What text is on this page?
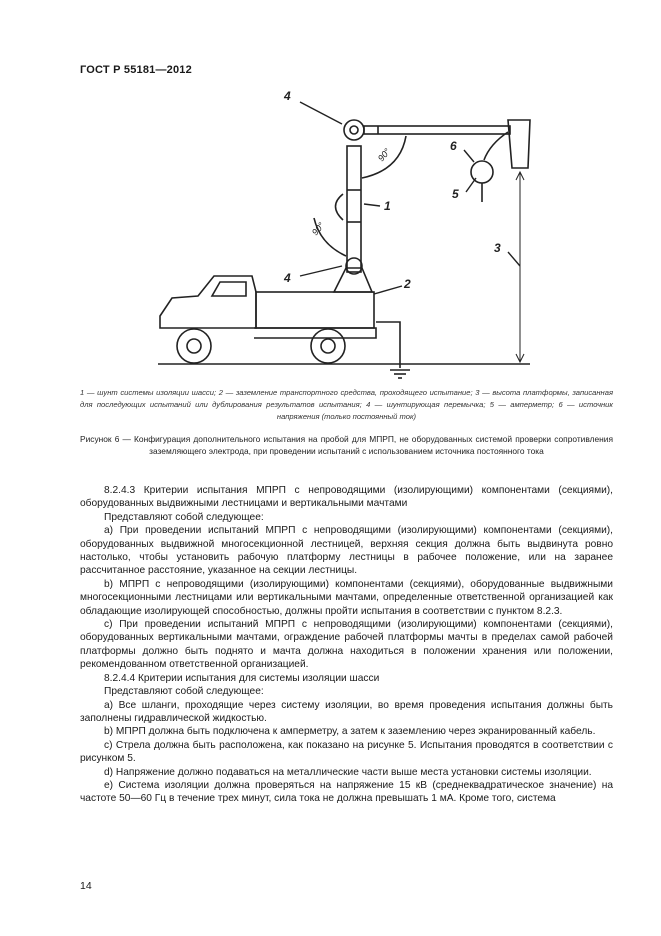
ГОСТ Р 55181—2012
4
6
1
5
3
4	2
90°
90°
1 — шунт системы изоляции шасси; 2 — заземление транспортного средства, проходящего испытание; 3 — высота платформы, записанная для последующих испытаний или дублирования результатов испытания; 4 — шунтирующая перемычка; 5 — амперметр; 6 — источник напряжения (только постоянный ток)
Рисунок 6 — Конфигурация дополнительного испытания на пробой для МПРП, не оборудованных системой проверки сопротивления заземляющего электрода, при проведении испытаний с использованием источника постоянного тока

8.2.4.3 Критерии испытания МПРП с непроводящими (изолирующими) компонентами (секциями), оборудованных выдвижными лестницами и вертикальными мачтами

Представляют собой следующее:

а) При проведении испытаний МПРП с непроводящими (изолирующими) компонентами (секциями), оборудованных выдвижной многосекционной лестницей, верхняя секция должна быть выдвинута ровно настолько, чтобы установить рабочую платформу лестницы в рабочее положение, или на заранее рассчитанное расстояние, указанное на секции лестницы.

b) МПРП с непроводящими (изолирующими) компонентами (секциями), оборудованные выдвижными многосекционными лестницами или вертикальными мачтами, определенные ответственной организацией как обладающие изолирующей способностью, должны пройти испытания в соответствии с пунктом 8.2.3.

c) При проведении испытаний МПРП с непроводящими (изолирующими) компонентами (секциями), оборудованных вертикальными мачтами, ограждение рабочей платформы мачты в пределах самой рабочей платформы должно быть поднято и мачта должна находиться в положении хранения или положении, рекомендованном ответственной организацией.

8.2.4.4 Критерии испытания для системы изоляции шасси

Представляют собой следующее:

а) Все шланги, проходящие через систему изоляции, во время проведения испытания должны быть заполнены гидравлической жидкостью.

b) МПРП должна быть подключена к амперметру, а затем к заземлению через экранированный кабель.

c) Стрела должна быть расположена, как показано на рисунке 5. Испытания проводятся в соответствии с рисунком 5.

d) Напряжение должно подаваться на металлические части выше места установки системы изоляции.

е) Система изоляции должна проверяться на напряжение 15 кВ (среднеквадратическое значение) на частоте 50—60 Гц в течение трех минут, сила тока не должна превышать 1 мА. Кроме того, система

14
